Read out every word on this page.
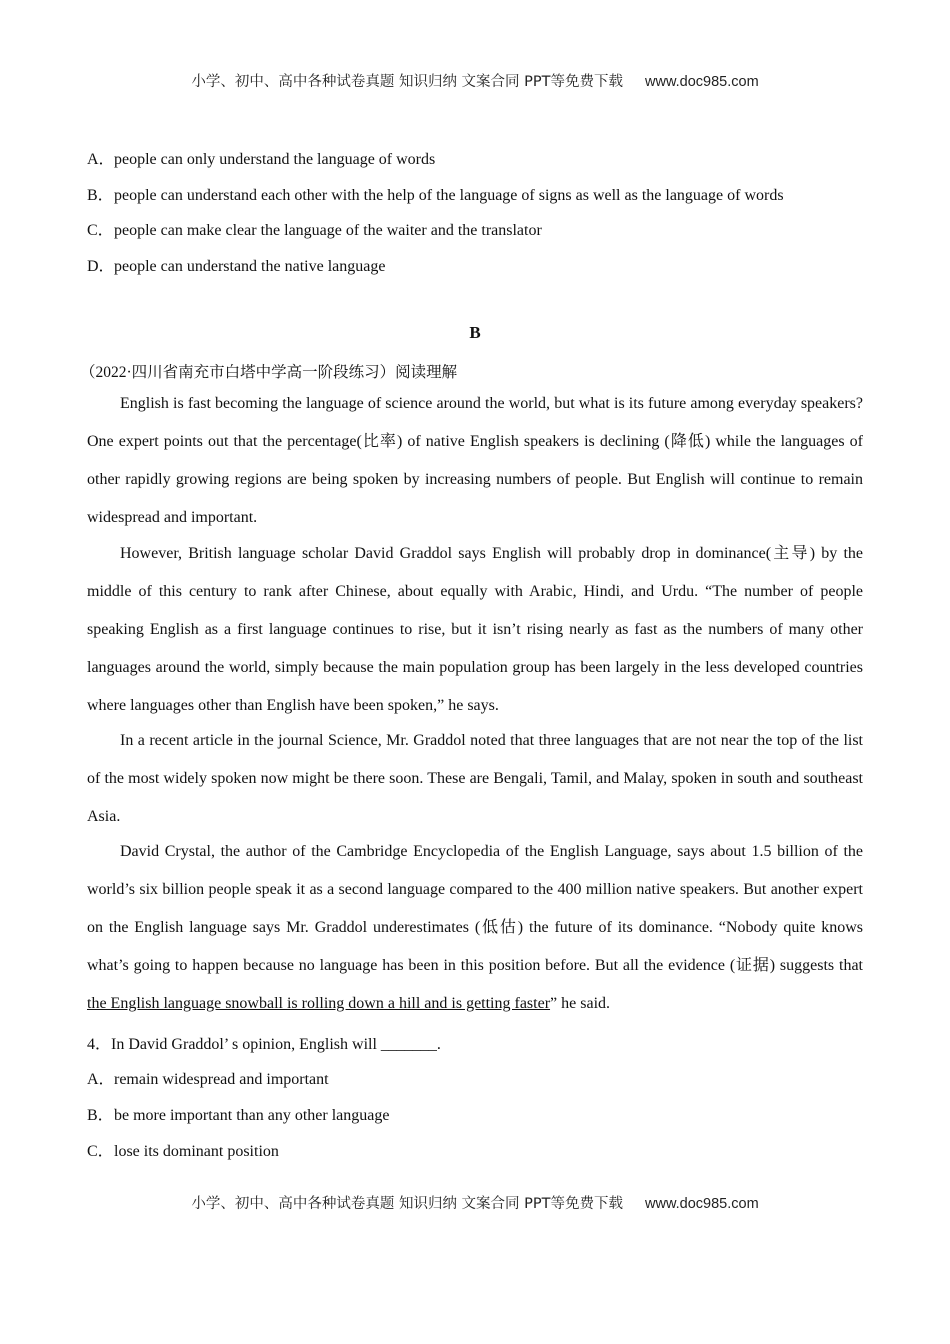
小学、初中、高中各种试卷真题 知识归纳 文案合同 PPT等免费下载 www.doc985.com
A．people can only understand the language of words
B．people can understand each other with the help of the language of signs as well as the language of words
C．people can make clear the language of the waiter and the translator
D．people can understand the native language
B
（2022·四川省南充市白塔中学高一阶段练习）阅读理解

English is fast becoming the language of science around the world, but what is its future among everyday speakers? One expert points out that the percentage(比率) of native English speakers is declining (降低) while the languages of other rapidly growing regions are being spoken by increasing numbers of people. But English will continue to remain widespread and important.

However, British language scholar David Graddol says English will probably drop in dominance(主导) by the middle of this century to rank after Chinese, about equally with Arabic, Hindi, and Urdu. “The number of people speaking English as a first language continues to rise, but it isn’t rising nearly as fast as the numbers of many other languages around the world, simply because the main population group has been largely in the less developed countries where languages other than English have been spoken,” he says.

In a recent article in the journal Science, Mr. Graddol noted that three languages that are not near the top of the list of the most widely spoken now might be there soon. These are Bengali, Tamil, and Malay, spoken in south and southeast Asia.

David Crystal, the author of the Cambridge Encyclopedia of the English Language, says about 1.5 billion of the world’s six billion people speak it as a second language compared to the 400 million native speakers. But another expert on the English language says Mr. Graddol underestimates (低估) the future of its dominance. “Nobody quite knows what’s going to happen because no language has been in this position before. But all the evidence (证据) suggests that the English language snowball is rolling down a hill and is getting faster” he said.

4．In David Graddol’ s opinion, English will _______.
A．remain widespread and important
B．be more important than any other language
C．lose its dominant position
小学、初中、高中各种试卷真题 知识归纳 文案合同 PPT等免费下载 www.doc985.com
